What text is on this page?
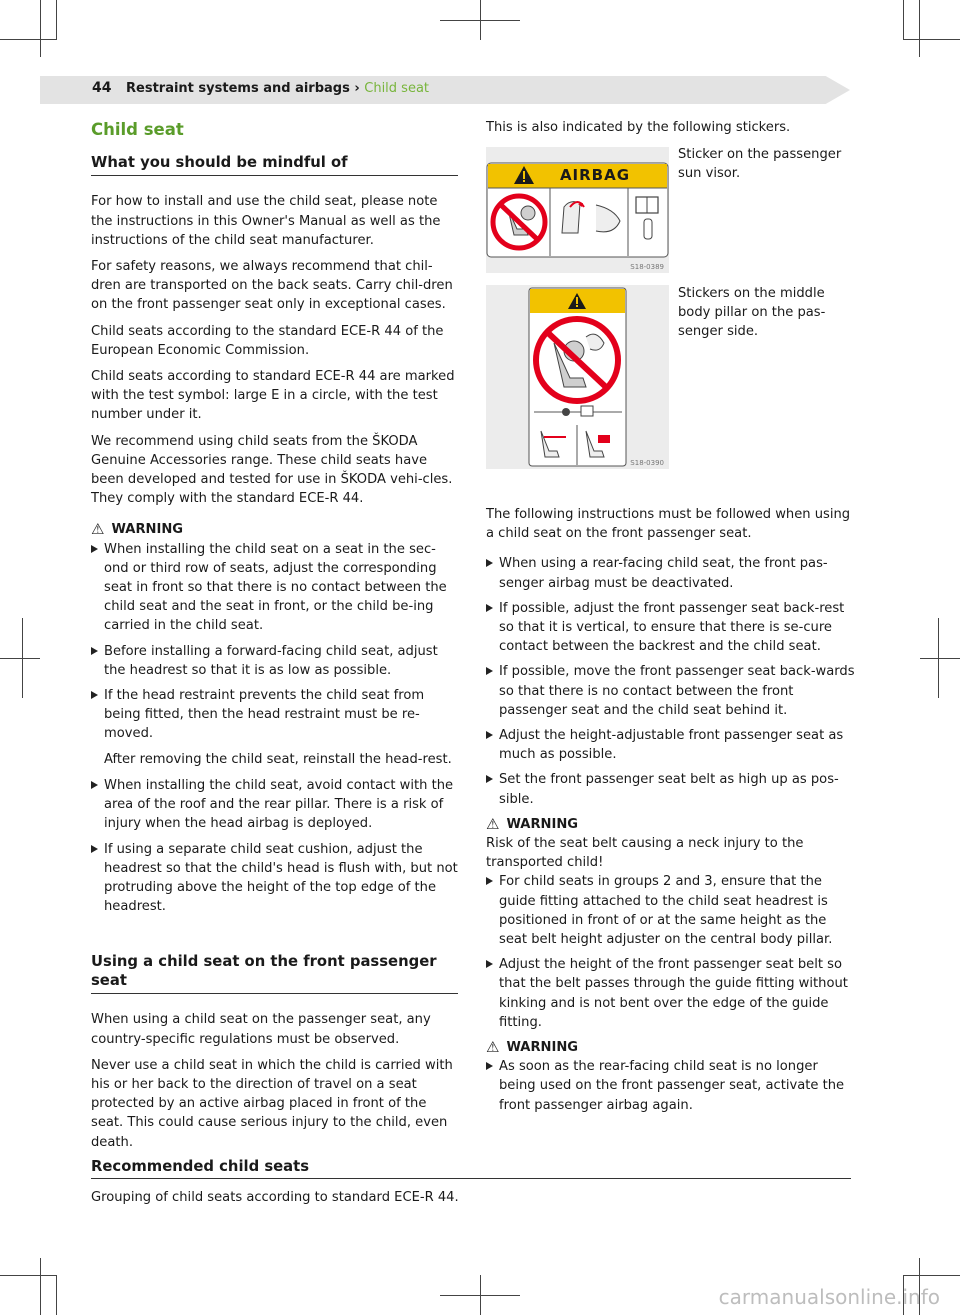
44 Restraint systems and airbags › Child seat
Child seat
What you should be mindful of

For how to install and use the child seat, please note the instructions in this Owner's Manual as well as the instructions of the child seat manufacturer.

For safety reasons, we always recommend that chil-dren are transported on the back seats. Carry chil-dren on the front passenger seat only in exceptional cases.

Child seats according to the standard ECE-R 44 of the European Economic Commission.

Child seats according to standard ECE-R 44 are marked with the test symbol: large E in a circle, with the test number under it.

We recommend using child seats from the ŠKODA Genuine Accessories range. These child seats have been developed and tested for use in ŠKODA vehi-cles. They comply with the standard ECE-R 44.

⚠ WARNING
When installing the child seat on a seat in the sec-ond or third row of seats, adjust the corresponding seat in front so that there is no contact between the child seat and the seat in front, or the child be-ing carried in the child seat.
Before installing a forward-facing child seat, adjust the headrest so that it is as low as possible.
If the head restraint prevents the child seat from being fitted, then the head restraint must be re-moved.

After removing the child seat, reinstall the head-rest.

When installing the child seat, avoid contact with the area of the roof and the rear pillar. There is a risk of injury when the head airbag is deployed.
If using a separate child seat cushion, adjust the headrest so that the child's head is flush with, but not protruding above the height of the top edge of the headrest.
Using a child seat on the front passenger seat

When using a child seat on the passenger seat, any country-specific regulations must be observed.

Never use a child seat in which the child is carried with his or her back to the direction of travel on a seat protected by an active airbag placed in front of the seat. This could cause serious injury to the child, even death.

This is also indicated by the following stickers.
S18-0389
AIRBAG
Sticker on the passenger sun visor.
S18-0390
Stickers on the middle body pillar on the pas-senger side.

The following instructions must be followed when using a child seat on the front passenger seat.

When using a rear-facing child seat, the front pas-senger airbag must be deactivated.
If possible, adjust the front passenger seat back-rest so that it is vertical, to ensure that there is se-cure contact between the backrest and the child seat.
If possible, move the front passenger seat back-wards so that there is no contact between the front passenger seat and the child seat behind it.
Adjust the height-adjustable front passenger seat as much as possible.
Set the front passenger seat belt as high up as pos-sible.
⚠ WARNING

Risk of the seat belt causing a neck injury to the transported child!

For child seats in groups 2 and 3, ensure that the guide fitting attached to the child seat headrest is positioned in front of or at the same height as the seat belt height adjuster on the central body pillar.
Adjust the height of the front passenger seat belt so that the belt passes through the guide fitting without kinking and is not bent over the edge of the guide fitting.
⚠ WARNING
As soon as the rear-facing child seat is no longer being used on the front passenger seat, activate the front passenger airbag again.
Recommended child seats
Grouping of child seats according to standard ECE-R 44.
carmanualsonline.info
